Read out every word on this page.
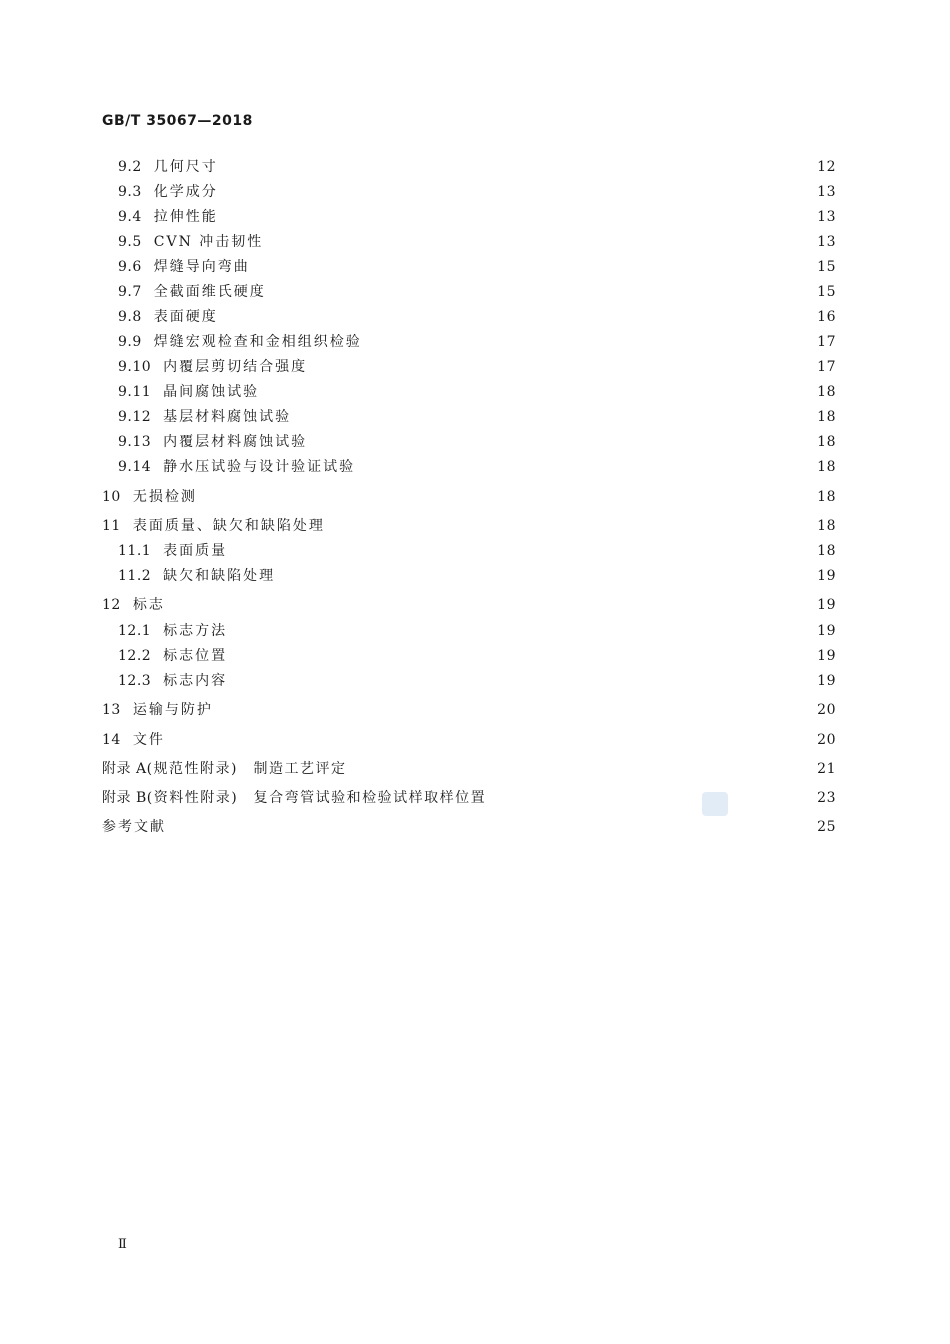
GB/T 35067—2018
9.2 几何尺寸	12
9.3 化学成分	13
9.4 拉伸性能	13
9.5 CVN 冲击韧性	13
9.6 焊缝导向弯曲	15
9.7 全截面维氏硬度	15
9.8 表面硬度	16
9.9 焊缝宏观检查和金相组织检验	17
9.10 内覆层剪切结合强度	17
9.11 晶间腐蚀试验	18
9.12 基层材料腐蚀试验	18
9.13 内覆层材料腐蚀试验	18
9.14 静水压试验与设计验证试验	18
10 无损检测	18
11 表面质量、缺欠和缺陷处理	18
11.1 表面质量	18
11.2 缺欠和缺陷处理	19
12 标志	19
12.1 标志方法	19
12.2 标志位置	19
12.3 标志内容	19
13 运输与防护	20
14 文件	20
附录 A (规范性附录)　制造工艺评定	21
附录 B (资料性附录)　复合弯管试验和检验试样取样位置	23
参考文献	25
Ⅱ
